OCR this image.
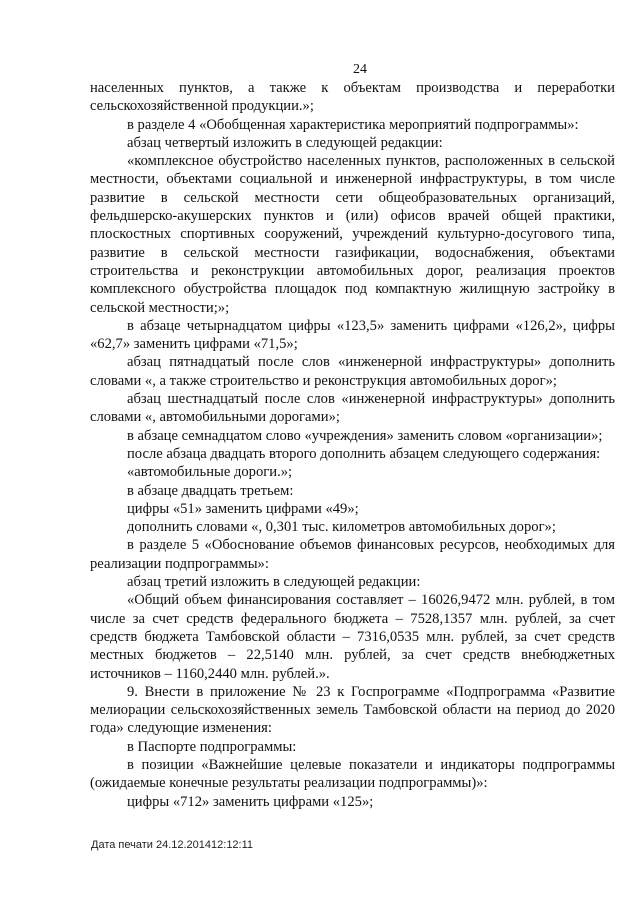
24

населенных пунктов, а также к объектам производства и переработки сельскохозяйственной продукции.»;

в разделе 4 «Обобщенная характеристика мероприятий подпрограммы»:

абзац четвертый изложить в следующей редакции:

«комплексное обустройство населенных пунктов, расположенных в сельской местности, объектами социальной и инженерной инфраструктуры, в том числе развитие в сельской местности сети общеобразовательных организаций, фельдшерско-акушерских пунктов и (или) офисов врачей общей практики, плоскостных спортивных сооружений, учреждений культурно-досугового типа, развитие в сельской местности газификации, водоснабжения, объектами строительства и реконструкции автомобильных дорог, реализация проектов комплексного обустройства площадок под компактную жилищную застройку в сельской местности;»;

в абзаце четырнадцатом цифры «123,5» заменить цифрами «126,2», цифры «62,7» заменить цифрами «71,5»;

абзац пятнадцатый после слов «инженерной инфраструктуры» дополнить словами «, а также строительство и реконструкция автомобильных дорог»;

абзац шестнадцатый после слов «инженерной инфраструктуры» дополнить словами «, автомобильными дорогами»;

в абзаце семнадцатом слово «учреждения» заменить словом «организации»;

после абзаца двадцать второго дополнить абзацем следующего содержания:

«автомобильные дороги.»;

в абзаце двадцать третьем:

цифры «51» заменить цифрами «49»;

дополнить словами «, 0,301 тыс. километров автомобильных дорог»;

в разделе 5 «Обоснование объемов финансовых ресурсов, необходимых для реализации подпрограммы»:

абзац третий изложить в следующей редакции:

«Общий объем финансирования составляет – 16026,9472 млн. рублей, в том числе за счет средств федерального бюджета – 7528,1357 млн. рублей, за счет средств бюджета Тамбовской области – 7316,0535 млн. рублей, за счет средств местных бюджетов – 22,5140 млн. рублей, за счет средств внебюджетных источников – 1160,2440 млн. рублей.».

9. Внести в приложение № 23 к Госпрограмме «Подпрограмма «Развитие мелиорации сельскохозяйственных земель Тамбовской области на период до 2020 года» следующие изменения:

в Паспорте подпрограммы:

в позиции «Важнейшие целевые показатели и индикаторы подпрограммы (ожидаемые конечные результаты реализации подпрограммы)»:

цифры «712» заменить цифрами «125»;

Дата печати 24.12.201412:12:11
